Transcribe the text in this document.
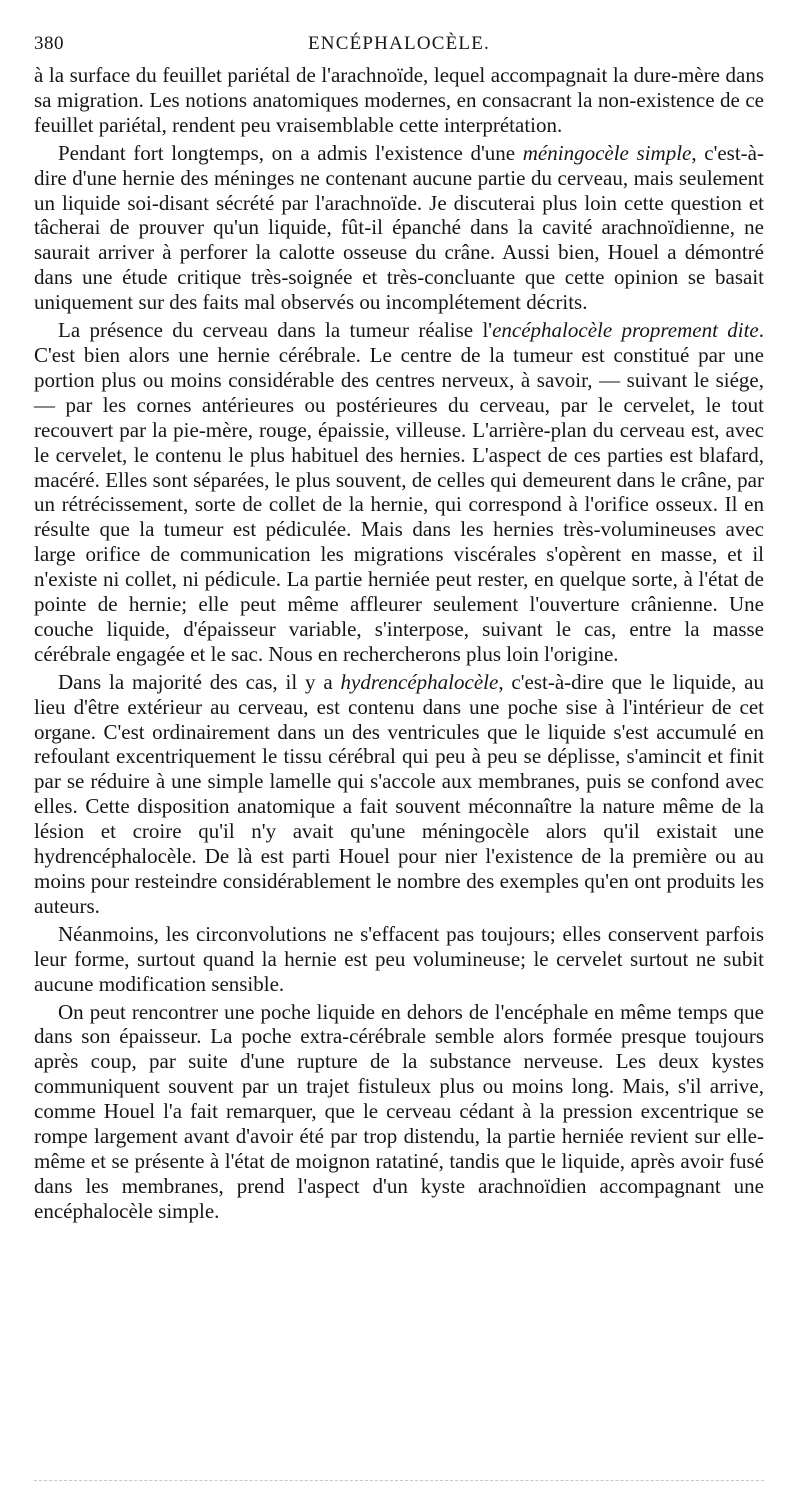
380	ENCÉPHALOCÈLE.

à la surface du feuillet pariétal de l'arachnoïde, lequel accompagnait la dure-mère dans sa migration. Les notions anatomiques modernes, en consacrant la non-existence de ce feuillet pariétal, rendent peu vraisemblable cette interprétation.

Pendant fort longtemps, on a admis l'existence d'une méningocèle simple, c'est-à-dire d'une hernie des méninges ne contenant aucune partie du cerveau, mais seulement un liquide soi-disant sécrété par l'arachnoïde. Je discuterai plus loin cette question et tâcherai de prouver qu'un liquide, fût-il épanché dans la cavité arachnoïdienne, ne saurait arriver à perforer la calotte osseuse du crâne. Aussi bien, Houel a démontré dans une étude critique très-soignée et très-concluante que cette opinion se basait uniquement sur des faits mal observés ou incomplétement décrits.

La présence du cerveau dans la tumeur réalise l'encéphalocèle proprement dite. C'est bien alors une hernie cérébrale. Le centre de la tumeur est constitué par une portion plus ou moins considérable des centres nerveux, à savoir, — suivant le siége, — par les cornes antérieures ou postérieures du cerveau, par le cervelet, le tout recouvert par la pie-mère, rouge, épaissie, villeuse. L'arrière-plan du cerveau est, avec le cervelet, le contenu le plus habituel des hernies. L'aspect de ces parties est blafard, macéré. Elles sont séparées, le plus souvent, de celles qui demeurent dans le crâne, par un rétrécissement, sorte de collet de la hernie, qui correspond à l'orifice osseux. Il en résulte que la tumeur est pédiculée. Mais dans les hernies très-volumineuses avec large orifice de communication les migrations viscérales s'opèrent en masse, et il n'existe ni collet, ni pédicule. La partie herniée peut rester, en quelque sorte, à l'état de pointe de hernie; elle peut même affleurer seulement l'ouverture crânienne. Une couche liquide, d'épaisseur variable, s'interpose, suivant le cas, entre la masse cérébrale engagée et le sac. Nous en rechercherons plus loin l'origine.

Dans la majorité des cas, il y a hydrencéphalocèle, c'est-à-dire que le liquide, au lieu d'être extérieur au cerveau, est contenu dans une poche sise à l'intérieur de cet organe. C'est ordinairement dans un des ventricules que le liquide s'est accumulé en refoulant excentriquement le tissu cérébral qui peu à peu se déplisse, s'amincit et finit par se réduire à une simple lamelle qui s'accole aux membranes, puis se confond avec elles. Cette disposition anatomique a fait souvent méconnaître la nature même de la lésion et croire qu'il n'y avait qu'une méningocèle alors qu'il existait une hydrencéphalocèle. De là est parti Houel pour nier l'existence de la première ou au moins pour resteindre considérablement le nombre des exemples qu'en ont produits les auteurs.

Néanmoins, les circonvolutions ne s'effacent pas toujours; elles conservent parfois leur forme, surtout quand la hernie est peu volumineuse; le cervelet surtout ne subit aucune modification sensible.

On peut rencontrer une poche liquide en dehors de l'encéphale en même temps que dans son épaisseur. La poche extra-cérébrale semble alors formée presque toujours après coup, par suite d'une rupture de la substance nerveuse. Les deux kystes communiquent souvent par un trajet fistuleux plus ou moins long. Mais, s'il arrive, comme Houel l'a fait remarquer, que le cerveau cédant à la pression excentrique se rompe largement avant d'avoir été par trop distendu, la partie herniée revient sur elle-même et se présente à l'état de moignon ratatiné, tandis que le liquide, après avoir fusé dans les membranes, prend l'aspect d'un kyste arachnoïdien accompagnant une encéphalocèle simple.
